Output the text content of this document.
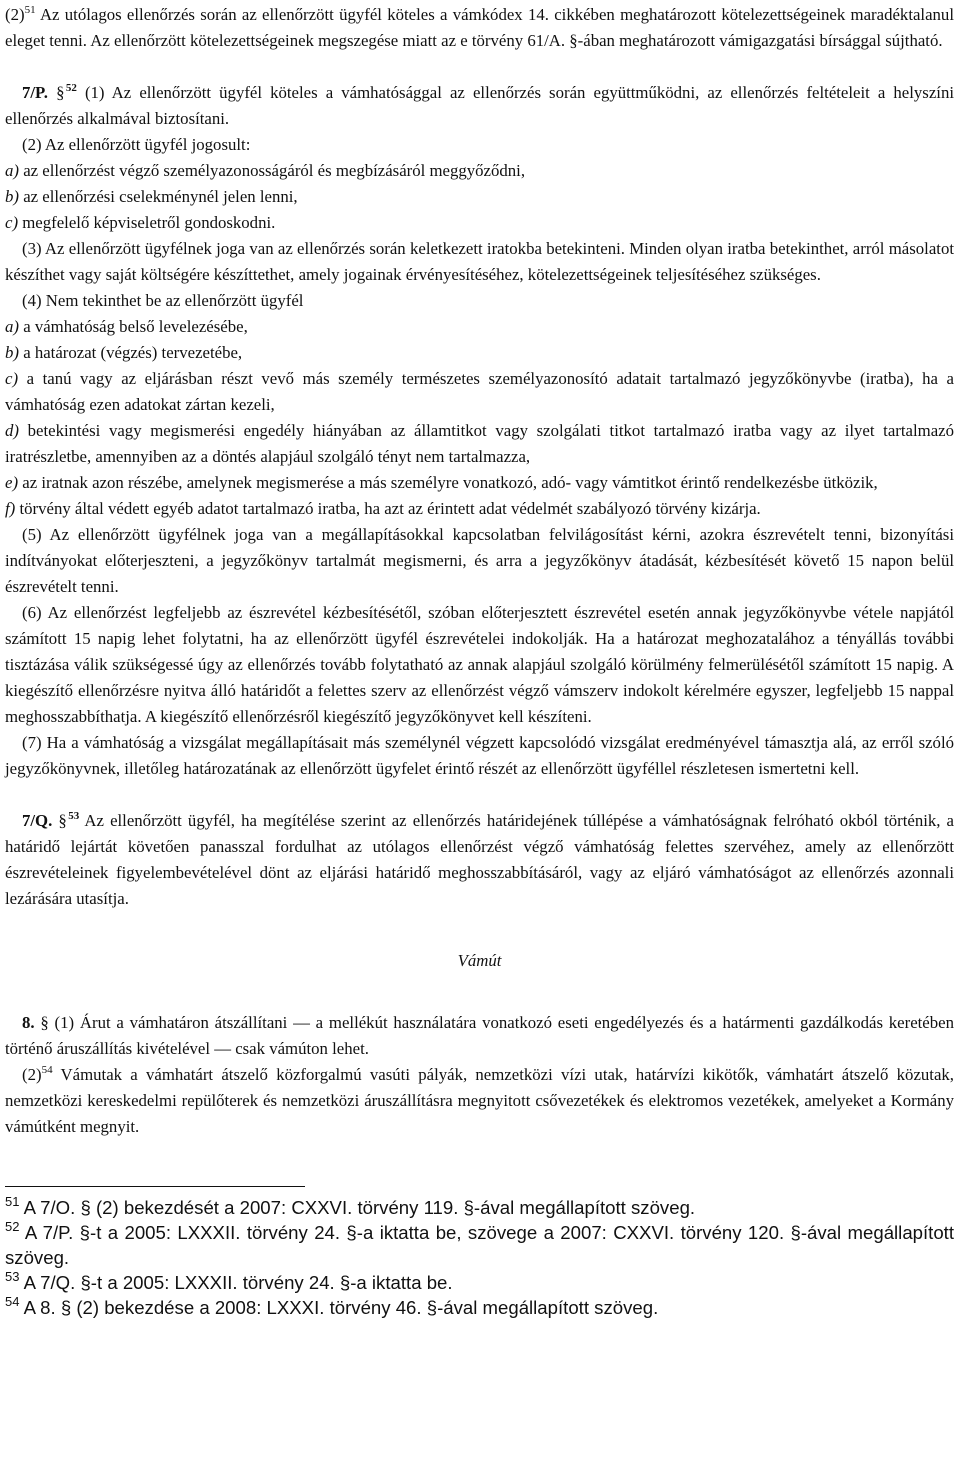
$(2)^{51}$ Az utólagos ellenőrzés során az ellenőrzött ügyfél köteles a vámkódex 14. cikkében meghatározott kötelezettségeinek maradéktalanul eleget tenni. Az ellenőrzött kötelezettségeinek megszegése miatt az e törvény 61/A. §-ában meghatározott vámigazgatási bírsággal sújtható.

7/P. § $^{52}$ (1) Az ellenőrzött ügyfél köteles a vámhatósággal az ellenőrzés során együttműködni, az ellenőrzés feltételeit a helyszíni ellenőrzés alkalmával biztosítani.

(2) Az ellenőrzött ügyfél jogosult:

a) az ellenőrzést végző személyazonosságáról és megbízásáról meggyőződni,

b) az ellenőrzési cselekménynél jelen lenni,

c) megfelelő képviseletről gondoskodni.

(3) Az ellenőrzött ügyfélnek joga van az ellenőrzés során keletkezett iratokba betekinteni. Minden olyan iratba betekinthet, arról másolatot készíthet vagy saját költségére készíttethet, amely jogainak érvényesítéséhez, kötelezettségeinek teljesítéséhez szükséges.

(4) Nem tekinthet be az ellenőrzött ügyfél

a) a vámhatóság belső levelezésébe,

b) a határozat (végzés) tervezetébe,

c) a tanú vagy az eljárásban részt vevő más személy természetes személyazonosító adatait tartalmazó jegyzőkönyvbe (iratba), ha a vámhatóság ezen adatokat zártan kezeli,

d) betekintési vagy megismerési engedély hiányában az államtitkot vagy szolgálati titkot tartalmazó iratba vagy az ilyet tartalmazó iratrészletbe, amennyiben az a döntés alapjául szolgáló tényt nem tartalmazza,

e) az iratnak azon részébe, amelynek megismerése a más személyre vonatkozó, adó- vagy vámtitkot érintő rendelkezésbe ütközik,

f) törvény által védett egyéb adatot tartalmazó iratba, ha azt az érintett adat védelmét szabályozó törvény kizárja.

(5) Az ellenőrzött ügyfélnek joga van a megállapításokkal kapcsolatban felvilágosítást kérni, azokra észrevételt tenni, bizonyítási indítványokat előterjeszteni, a jegyzőkönyv tartalmát megismerni, és arra a jegyzőkönyv átadását, kézbesítését követő 15 napon belül észrevételt tenni.

(6) Az ellenőrzést legfeljebb az észrevétel kézbesítésétől, szóban előterjesztett észrevétel esetén annak jegyzőkönyvbe vétele napjától számított 15 napig lehet folytatni, ha az ellenőrzött ügyfél észrevételei indokolják. Ha a határozat meghozatalához a tényállás további tisztázása válik szükségessé úgy az ellenőrzés tovább folytatható az annak alapjául szolgáló körülmény felmerülésétől számított 15 napig. A kiegészítő ellenőrzésre nyitva álló határidőt a felettes szerv az ellenőrzést végző vámszerv indokolt kérelmére egyszer, legfeljebb 15 nappal meghosszabbíthatja. A kiegészítő ellenőrzésről kiegészítő jegyzőkönyvet kell készíteni.

(7) Ha a vámhatóság a vizsgálat megállapításait más személynél végzett kapcsolódó vizsgálat eredményével támasztja alá, az erről szóló jegyzőkönyvnek, illetőleg határozatának az ellenőrzött ügyfelet érintő részét az ellenőrzött ügyféllel részletesen ismertetni kell.

7/Q. § $^{53}$ Az ellenőrzött ügyfél, ha megítélése szerint az ellenőrzés határidejének túllépése a vámhatóságnak felróható okból történik, a határidő lejártát követően panasszal fordulhat az utólagos ellenőrzést végző vámhatóság felettes szervéhez, amely az ellenőrzött észrevételeinek figyelembevételével dönt az eljárási határidő meghosszabbításáról, vagy az eljáró vámhatóságot az ellenőrzés azonnali lezárására utasítja.

Vámút

8. § (1) Árut a vámhatáron átszállítani — a mellékút használatára vonatkozó eseti engedélyezés és a határmenti gazdálkodás keretében történő áruszállítás kivételével — csak vámúton lehet.

$(2)^{54}$ Vámutak a vámhatárt átszelő közforgalmú vasúti pályák, nemzetközi vízi utak, határvízi kikötők, vámhatárt átszelő közutak, nemzetközi kereskedelmi repülőterek és nemzetközi áruszállításra megnyitott csővezetékek és elektromos vezetékek, amelyeket a Kormány vámútként megnyit.

$^{51}$ A 7/O. § (2) bekezdését a 2007: CXXVI. törvény 119. §-ával megállapított szöveg.

$^{52}$ A 7/P. §-t a 2005: LXXXII. törvény 24. §-a iktatta be, szövege a 2007: CXXVI. törvény 120. §-ával megállapított szöveg.

$^{53}$ A 7/Q. §-t a 2005: LXXXII. törvény 24. §-a iktatta be.

$^{54}$ A 8. § (2) bekezdése a 2008: LXXXI. törvény 46. §-ával megállapított szöveg.
